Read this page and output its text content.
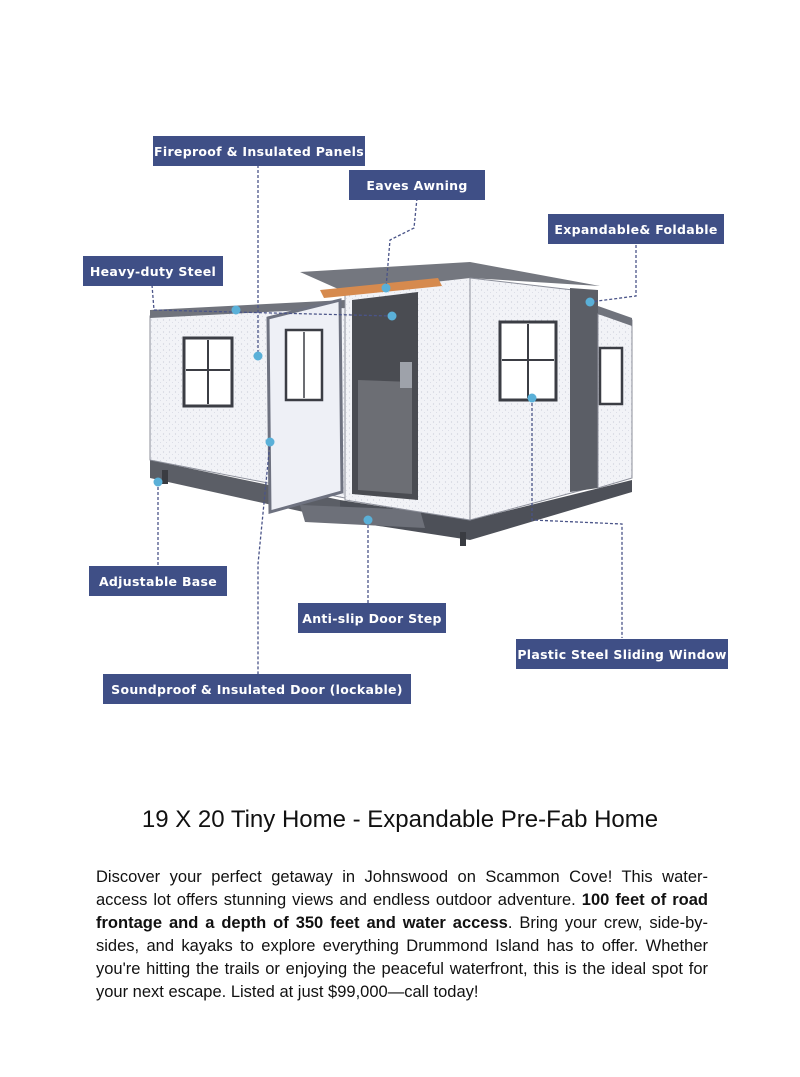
Fireproof & Insulated Panels
Eaves Awning
Expandable& Foldable
Heavy-duty Steel
Adjustable Base
Anti-slip Door Step
Plastic Steel Sliding Window
Soundproof & Insulated Door (lockable)
19 X 20 Tiny Home - Expandable Pre-Fab Home

Discover your perfect getaway in Johnswood on Scammon Cove! This water-access lot offers stunning views and endless outdoor adventure. 100 feet of road frontage and a depth of 350 feet and water access. Bring your crew, side-by-sides, and kayaks to explore everything Drummond Island has to offer. Whether you're hitting the trails or enjoying the peaceful waterfront, this is the ideal spot for your next escape. Listed at just $99,000—call today!
